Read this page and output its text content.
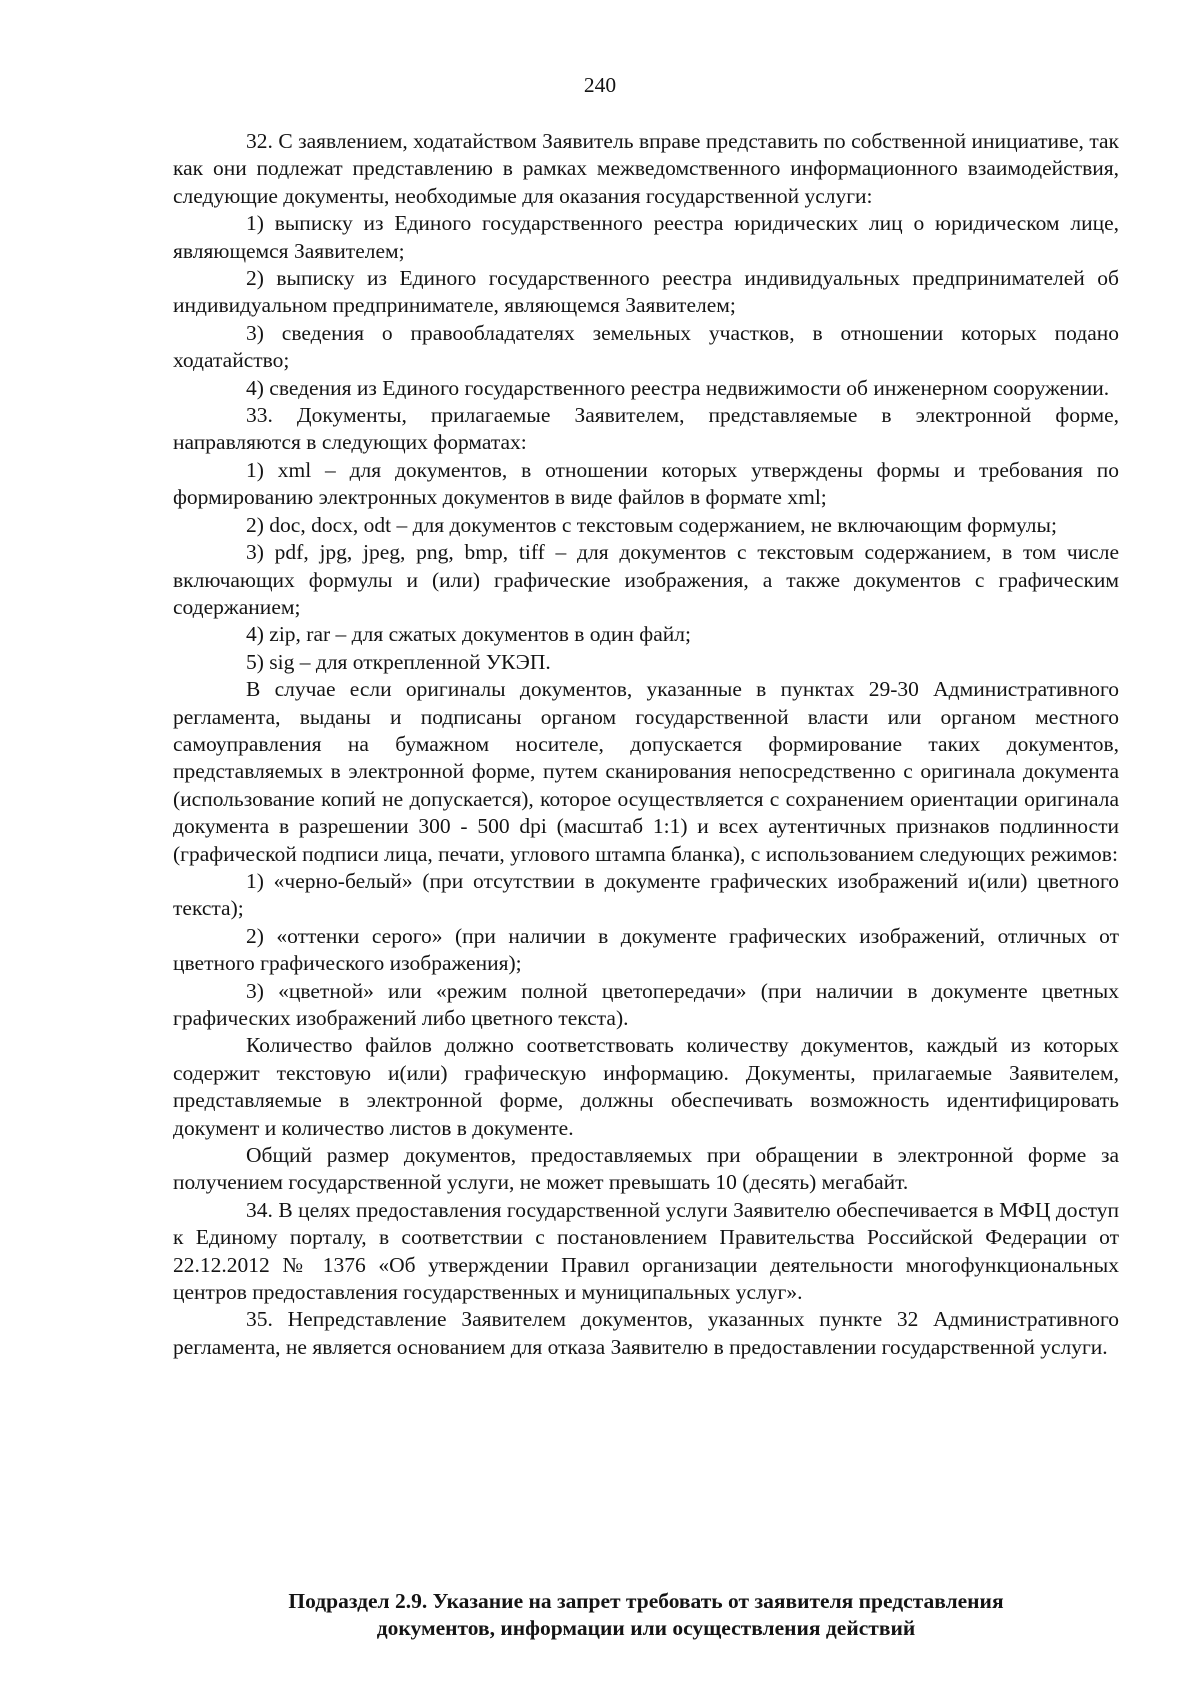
240

32. С заявлением, ходатайством Заявитель вправе представить по собственной инициативе, так как они подлежат представлению в рамках межведомственного информационного взаимодействия, следующие документы, необходимые для оказания государственной услуги:

1) выписку из Единого государственного реестра юридических лиц о юридическом лице, являющемся Заявителем;

2) выписку из Единого государственного реестра индивидуальных предпринимателей об индивидуальном предпринимателе, являющемся Заявителем;

3) сведения о правообладателях земельных участков, в отношении которых подано ходатайство;

4) сведения из Единого государственного реестра недвижимости об инженерном сооружении.

33. Документы, прилагаемые Заявителем, представляемые в электронной форме, направляются в следующих форматах:

1) xml – для документов, в отношении которых утверждены формы и требования по формированию электронных документов в виде файлов в формате xml;

2) doc, docx, odt – для документов с текстовым содержанием, не включающим формулы;

3) pdf, jpg, jpeg, png, bmp, tiff – для документов с текстовым содержанием, в том числе включающих формулы и (или) графические изображения, а также документов с графическим содержанием;

4) zip, rar – для сжатых документов в один файл;

5) sig – для открепленной УКЭП.

В случае если оригиналы документов, указанные в пунктах 29-30 Административного регламента, выданы и подписаны органом государственной власти или органом местного самоуправления на бумажном носителе, допускается формирование таких документов, представляемых в электронной форме, путем сканирования непосредственно с оригинала документа (использование копий не допускается), которое осуществляется с сохранением ориентации оригинала документа в разрешении 300 - 500 dpi (масштаб 1:1) и всех аутентичных признаков подлинности (графической подписи лица, печати, углового штампа бланка), с использованием следующих режимов:

1) «черно-белый» (при отсутствии в документе графических изображений и(или) цветного текста);

2) «оттенки серого» (при наличии в документе графических изображений, отличных от цветного графического изображения);

3) «цветной» или «режим полной цветопередачи» (при наличии в документе цветных графических изображений либо цветного текста).

Количество файлов должно соответствовать количеству документов, каждый из которых содержит текстовую и(или) графическую информацию. Документы, прилагаемые Заявителем, представляемые в электронной форме, должны обеспечивать возможность идентифицировать документ и количество листов в документе.

Общий размер документов, предоставляемых при обращении в электронной форме за получением государственной услуги, не может превышать 10 (десять) мегабайт.

34. В целях предоставления государственной услуги Заявителю обеспечивается в МФЦ доступ к Единому порталу, в соответствии с постановлением Правительства Российской Федерации от 22.12.2012 № 1376 «Об утверждении Правил организации деятельности многофункциональных центров предоставления государственных и муниципальных услуг».

35. Непредставление Заявителем документов, указанных пункте 32 Административного регламента, не является основанием для отказа Заявителю в предоставлении государственной услуги.

Подраздел 2.9. Указание на запрет требовать от заявителя представления
документов, информации или осуществления действий
